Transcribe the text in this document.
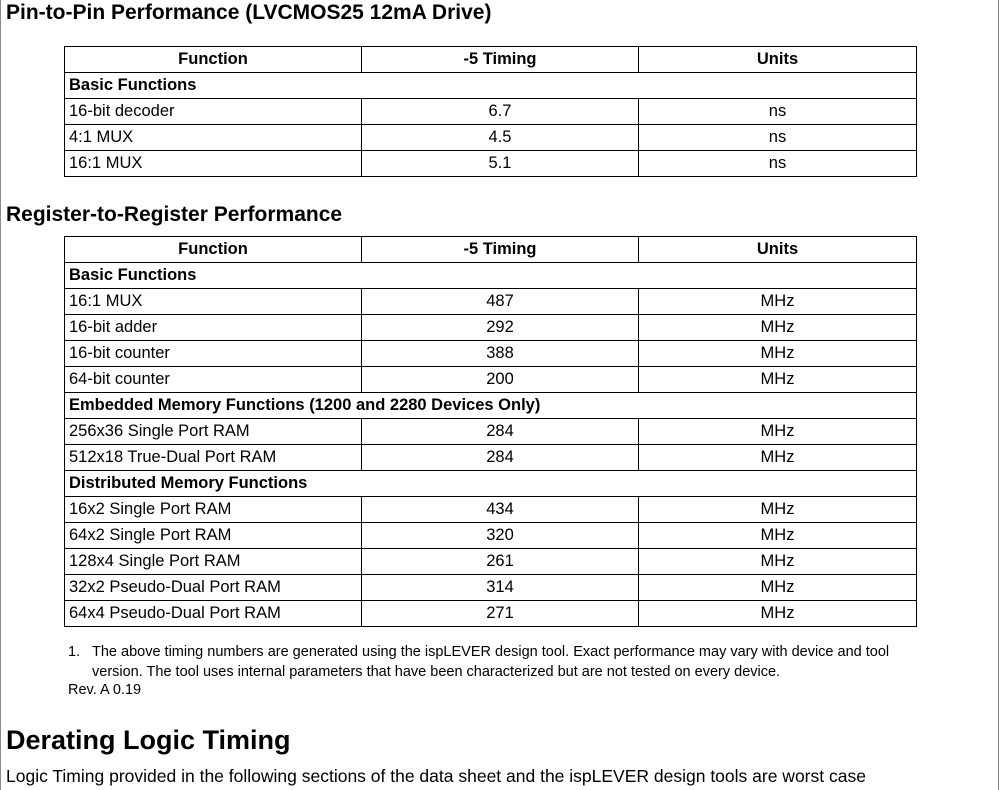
Pin-to-Pin Performance (LVCMOS25 12mA Drive)
Function	-5 Timing	Units
Basic Functions		
16-bit decoder	6.7	ns
4:1 MUX	4.5	ns
16:1 MUX	5.1	ns
Register-to-Register Performance
Function	-5 Timing	Units
Basic Functions		
16:1 MUX	487	MHz
16-bit adder	292	MHz
16-bit counter	388	MHz
64-bit counter	200	MHz
Embedded Memory Functions (1200 and 2280 Devices Only)		
256x36 Single Port RAM	284	MHz
512x18 True-Dual Port RAM	284	MHz
Distributed Memory Functions		
16x2 Single Port RAM	434	MHz
64x2 Single Port RAM	320	MHz
128x4 Single Port RAM	261	MHz
32x2 Pseudo-Dual Port RAM	314	MHz
64x4 Pseudo-Dual Port RAM	271	MHz
1. The above timing numbers are generated using the ispLEVER design tool. Exact performance may vary with device and tool version. The tool uses internal parameters that have been characterized but are not tested on every device.
Rev. A 0.19
Derating Logic Timing
Logic Timing provided in the following sections of the data sheet and the ispLEVER design tools are worst case
